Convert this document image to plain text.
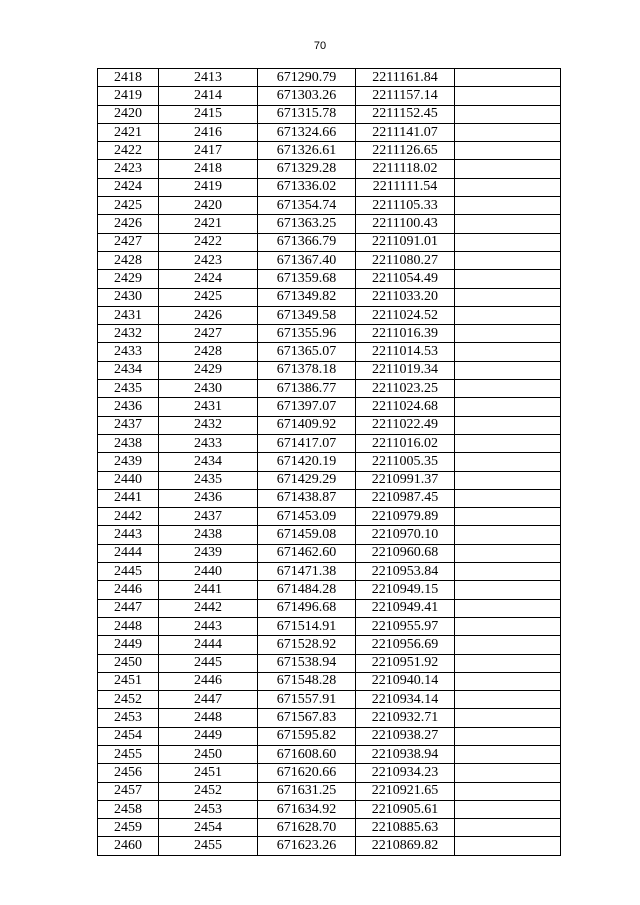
70
2418	2413	671290.79	2211161.84	
2419	2414	671303.26	2211157.14	
2420	2415	671315.78	2211152.45	
2421	2416	671324.66	2211141.07	
2422	2417	671326.61	2211126.65	
2423	2418	671329.28	2211118.02	
2424	2419	671336.02	2211111.54	
2425	2420	671354.74	2211105.33	
2426	2421	671363.25	2211100.43	
2427	2422	671366.79	2211091.01	
2428	2423	671367.40	2211080.27	
2429	2424	671359.68	2211054.49	
2430	2425	671349.82	2211033.20	
2431	2426	671349.58	2211024.52	
2432	2427	671355.96	2211016.39	
2433	2428	671365.07	2211014.53	
2434	2429	671378.18	2211019.34	
2435	2430	671386.77	2211023.25	
2436	2431	671397.07	2211024.68	
2437	2432	671409.92	2211022.49	
2438	2433	671417.07	2211016.02	
2439	2434	671420.19	2211005.35	
2440	2435	671429.29	2210991.37	
2441	2436	671438.87	2210987.45	
2442	2437	671453.09	2210979.89	
2443	2438	671459.08	2210970.10	
2444	2439	671462.60	2210960.68	
2445	2440	671471.38	2210953.84	
2446	2441	671484.28	2210949.15	
2447	2442	671496.68	2210949.41	
2448	2443	671514.91	2210955.97	
2449	2444	671528.92	2210956.69	
2450	2445	671538.94	2210951.92	
2451	2446	671548.28	2210940.14	
2452	2447	671557.91	2210934.14	
2453	2448	671567.83	2210932.71	
2454	2449	671595.82	2210938.27	
2455	2450	671608.60	2210938.94	
2456	2451	671620.66	2210934.23	
2457	2452	671631.25	2210921.65	
2458	2453	671634.92	2210905.61	
2459	2454	671628.70	2210885.63	
2460	2455	671623.26	2210869.82	
